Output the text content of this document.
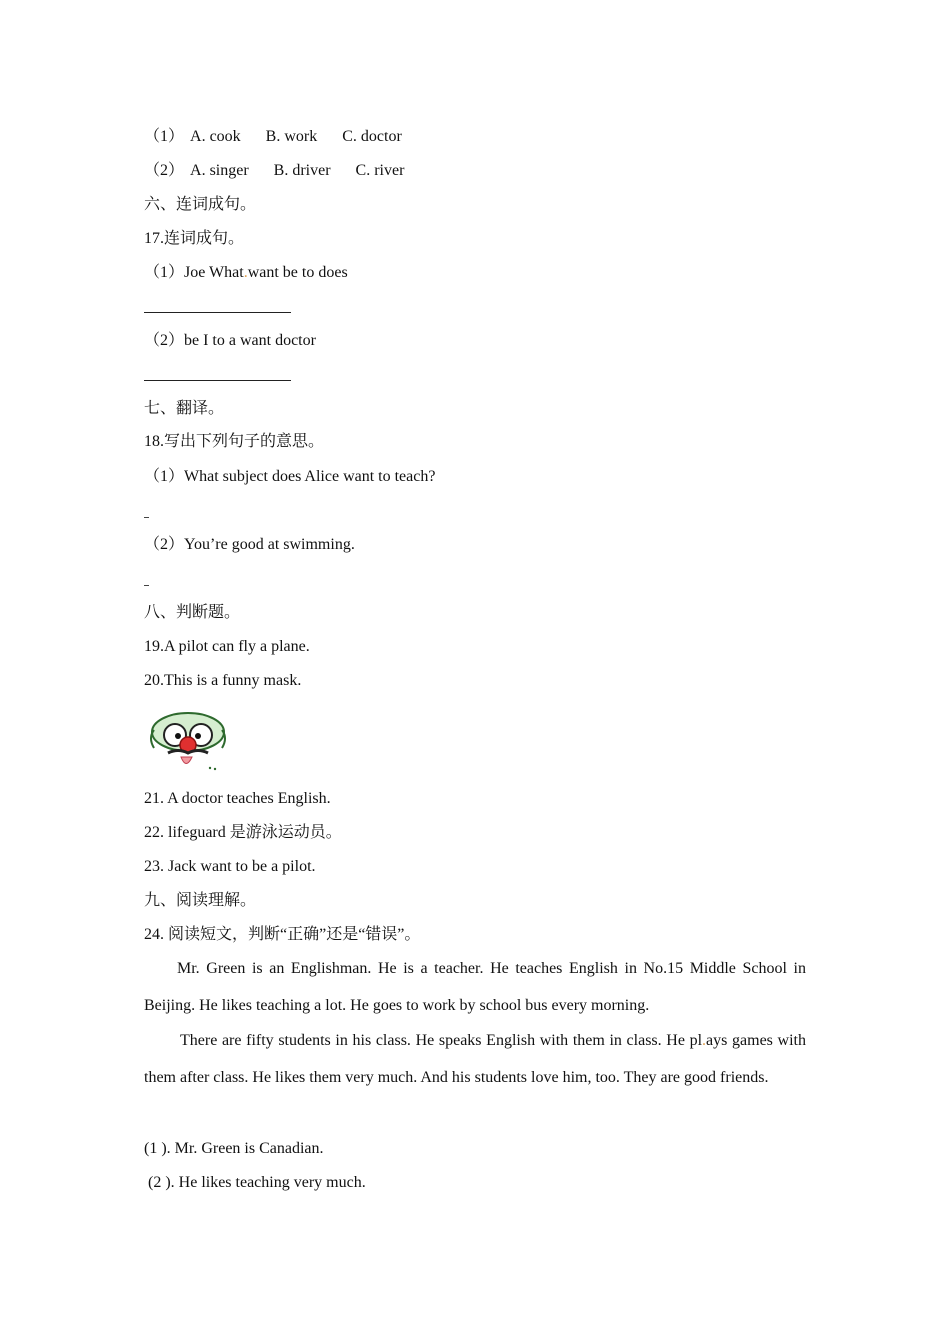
（1） A. cook B. work C. doctor
（2） A. singer B. driver C. river
六、连词成句。
17.连词成句。
（1）Joe What.want be to does
（2）be I to a want doctor
七、翻译。
18.写出下列句子的意思。
（1）What subject does Alice want to teach?
（2）You’re good at swimming.
八、判断题。
19.A pilot can fly a plane.
20.This is a funny mask.
21. A doctor teaches English.
22. lifeguard 是游泳运动员。
23. Jack want to be a pilot.
九、阅读理解。
24. 阅读短文，判断“正确”还是“错误”。
Mr. Green is an Englishman. He is a teacher. He teaches English in No.15 Middle School in Beijing. He likes teaching a lot. He goes to work by school bus every morning.
There are fifty students in his class. He speaks English with them in class. He pl.ays games with them after class. He likes them very much. And his students love him, too. They are good friends.
(1 ). Mr. Green is Canadian.
(2 ). He likes teaching very much.
